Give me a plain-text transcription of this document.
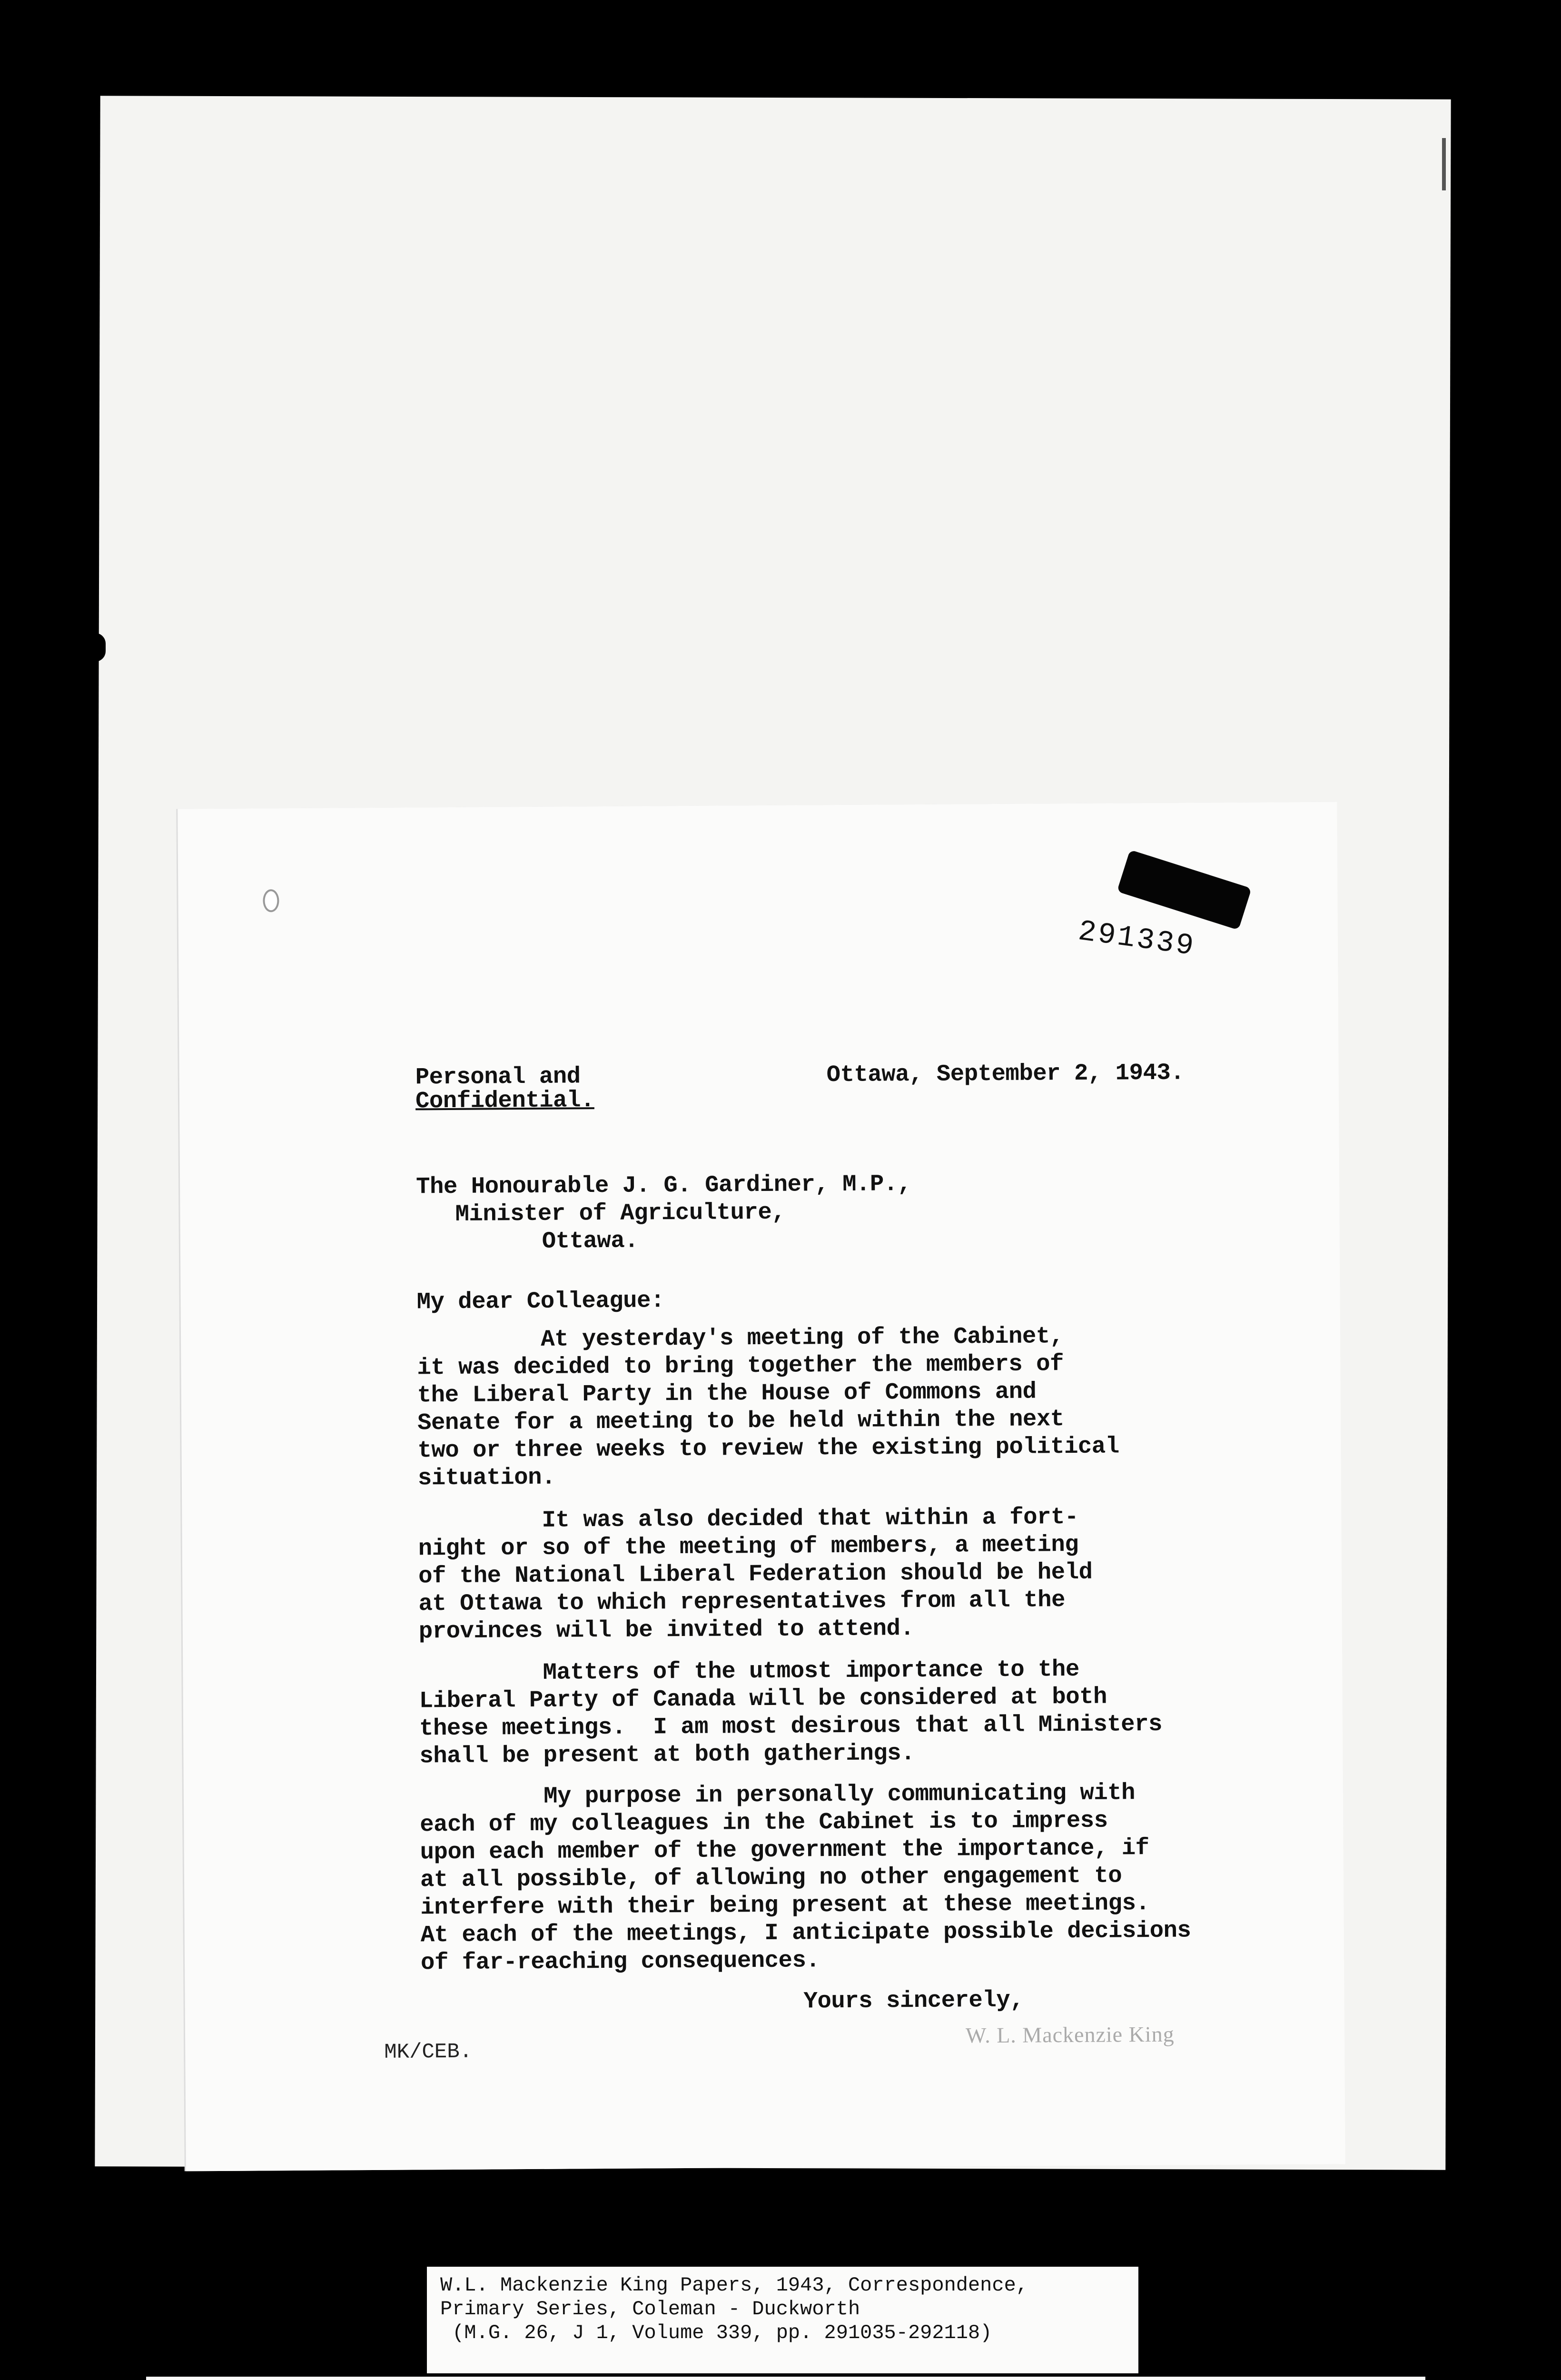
291339
Personal and
Confidential.
Ottawa, September 2, 1943.
The Honourable J. G. Gardiner, M.P.,
Minister of Agriculture,
Ottawa.
My dear Colleague:
At yesterday's meeting of the Cabinet,
it was decided to bring together the members of
the Liberal Party in the House of Commons and
Senate for a meeting to be held within the next
two or three weeks to review the existing political
situation.
It was also decided that within a fort-
night or so of the meeting of members, a meeting
of the National Liberal Federation should be held
at Ottawa to which representatives from all the
provinces will be invited to attend.
Matters of the utmost importance to the
Liberal Party of Canada will be considered at both
these meetings.  I am most desirous that all Ministers
shall be present at both gatherings.
My purpose in personally communicating with
each of my colleagues in the Cabinet is to impress
upon each member of the government the importance, if
at all possible, of allowing no other engagement to
interfere with their being present at these meetings.
At each of the meetings, I anticipate possible decisions
of far-reaching consequences.
Yours sincerely,
W. L. Mackenzie King
MK/CEB.
W.L. Mackenzie King Papers, 1943, Correspondence,
Primary Series, Coleman - Duckworth
(M.G. 26, J 1, Volume 339, pp. 291035-292118)
